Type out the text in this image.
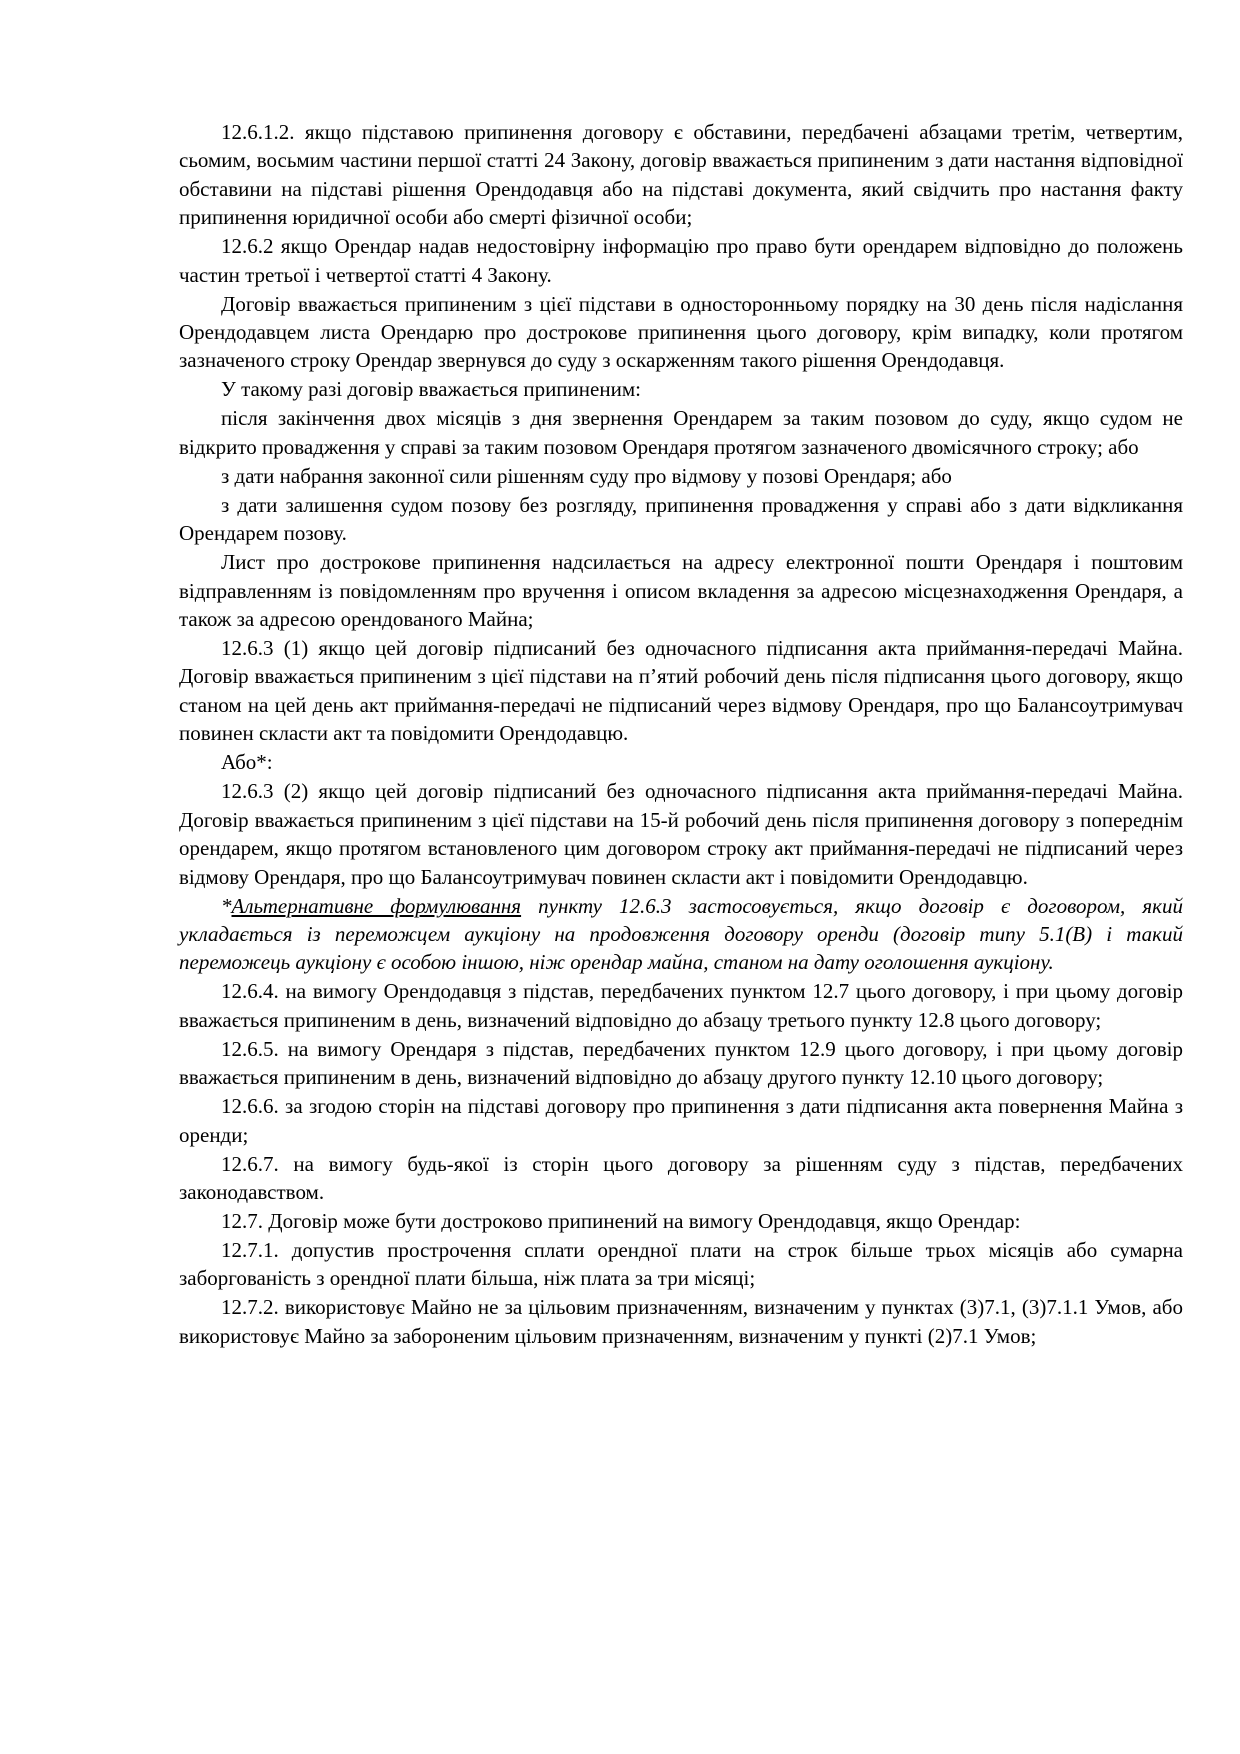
12.6.1.2. якщо підставою припинення договору є обставини, передбачені абзацами третім, четвертим, сьомим, восьмим частини першої статті 24 Закону, договір вважається припиненим з дати настання відповідної обставини на підставі рішення Орендодавця або на підставі документа, який свідчить про настання факту припинення юридичної особи або смерті фізичної особи;

12.6.2 якщо Орендар надав недостовірну інформацію про право бути орендарем відповідно до положень частин третьої і четвертої статті 4 Закону.

Договір вважається припиненим з цієї підстави в односторонньому порядку на 30 день після надіслання Орендодавцем листа Орендарю про дострокове припинення цього договору, крім випадку, коли протягом зазначеного строку Орендар звернувся до суду з оскарженням такого рішення Орендодавця.

У такому разі договір вважається припиненим:

після закінчення двох місяців з дня звернення Орендарем за таким позовом до суду, якщо судом не відкрито провадження у справі за таким позовом Орендаря протягом зазначеного двомісячного строку; або

з дати набрання законної сили рішенням суду про відмову у позові Орендаря; або

з дати залишення судом позову без розгляду, припинення провадження у справі або з дати відкликання Орендарем позову.

Лист про дострокове припинення надсилається на адресу електронної пошти Орендаря і поштовим відправленням із повідомленням про вручення і описом вкладення за адресою місцезнаходження Орендаря, а також за адресою орендованого Майна;

12.6.3 (1) якщо цей договір підписаний без одночасного підписання акта приймання-передачі Майна. Договір вважається припиненим з цієї підстави на п’ятий робочий день після підписання цього договору, якщо станом на цей день акт приймання-передачі не підписаний через відмову Орендаря, про що Балансоутримувач повинен скласти акт та повідомити Орендодавцю.

Або*:

12.6.3 (2) якщо цей договір підписаний без одночасного підписання акта приймання-передачі Майна. Договір вважається припиненим з цієї підстави на 15-й робочий день після припинення договору з попереднім орендарем, якщо протягом встановленого цим договором строку акт приймання-передачі не підписаний через відмову Орендаря, про що Балансоутримувач повинен скласти акт і повідомити Орендодавцю.

*Альтернативне формулювання пункту 12.6.3 застосовується, якщо договір є договором, який укладається із переможцем аукціону на продовження договору оренди (договір типу 5.1(В) і такий переможець аукціону є особою іншою, ніж орендар майна, станом на дату оголошення аукціону.

12.6.4. на вимогу Орендодавця з підстав, передбачених пунктом 12.7 цього договору, і при цьому договір вважається припиненим в день, визначений відповідно до абзацу третього пункту 12.8 цього договору;

12.6.5. на вимогу Орендаря з підстав, передбачених пунктом 12.9 цього договору, і при цьому договір вважається припиненим в день, визначений відповідно до абзацу другого пункту 12.10 цього договору;

12.6.6. за згодою сторін на підставі договору про припинення з дати підписання акта повернення Майна з оренди;

12.6.7. на вимогу будь-якої із сторін цього договору за рішенням суду з підстав, передбачених законодавством.

12.7. Договір може бути достроково припинений на вимогу Орендодавця, якщо Орендар:

12.7.1. допустив прострочення сплати орендної плати на строк більше трьох місяців або сумарна заборгованість з орендної плати більша, ніж плата за три місяці;

12.7.2. використовує Майно не за цільовим призначенням, визначеним у пунктах (3)7.1, (3)7.1.1 Умов, або використовує Майно за забороненим цільовим призначенням, визначеним у пункті (2)7.1 Умов;
